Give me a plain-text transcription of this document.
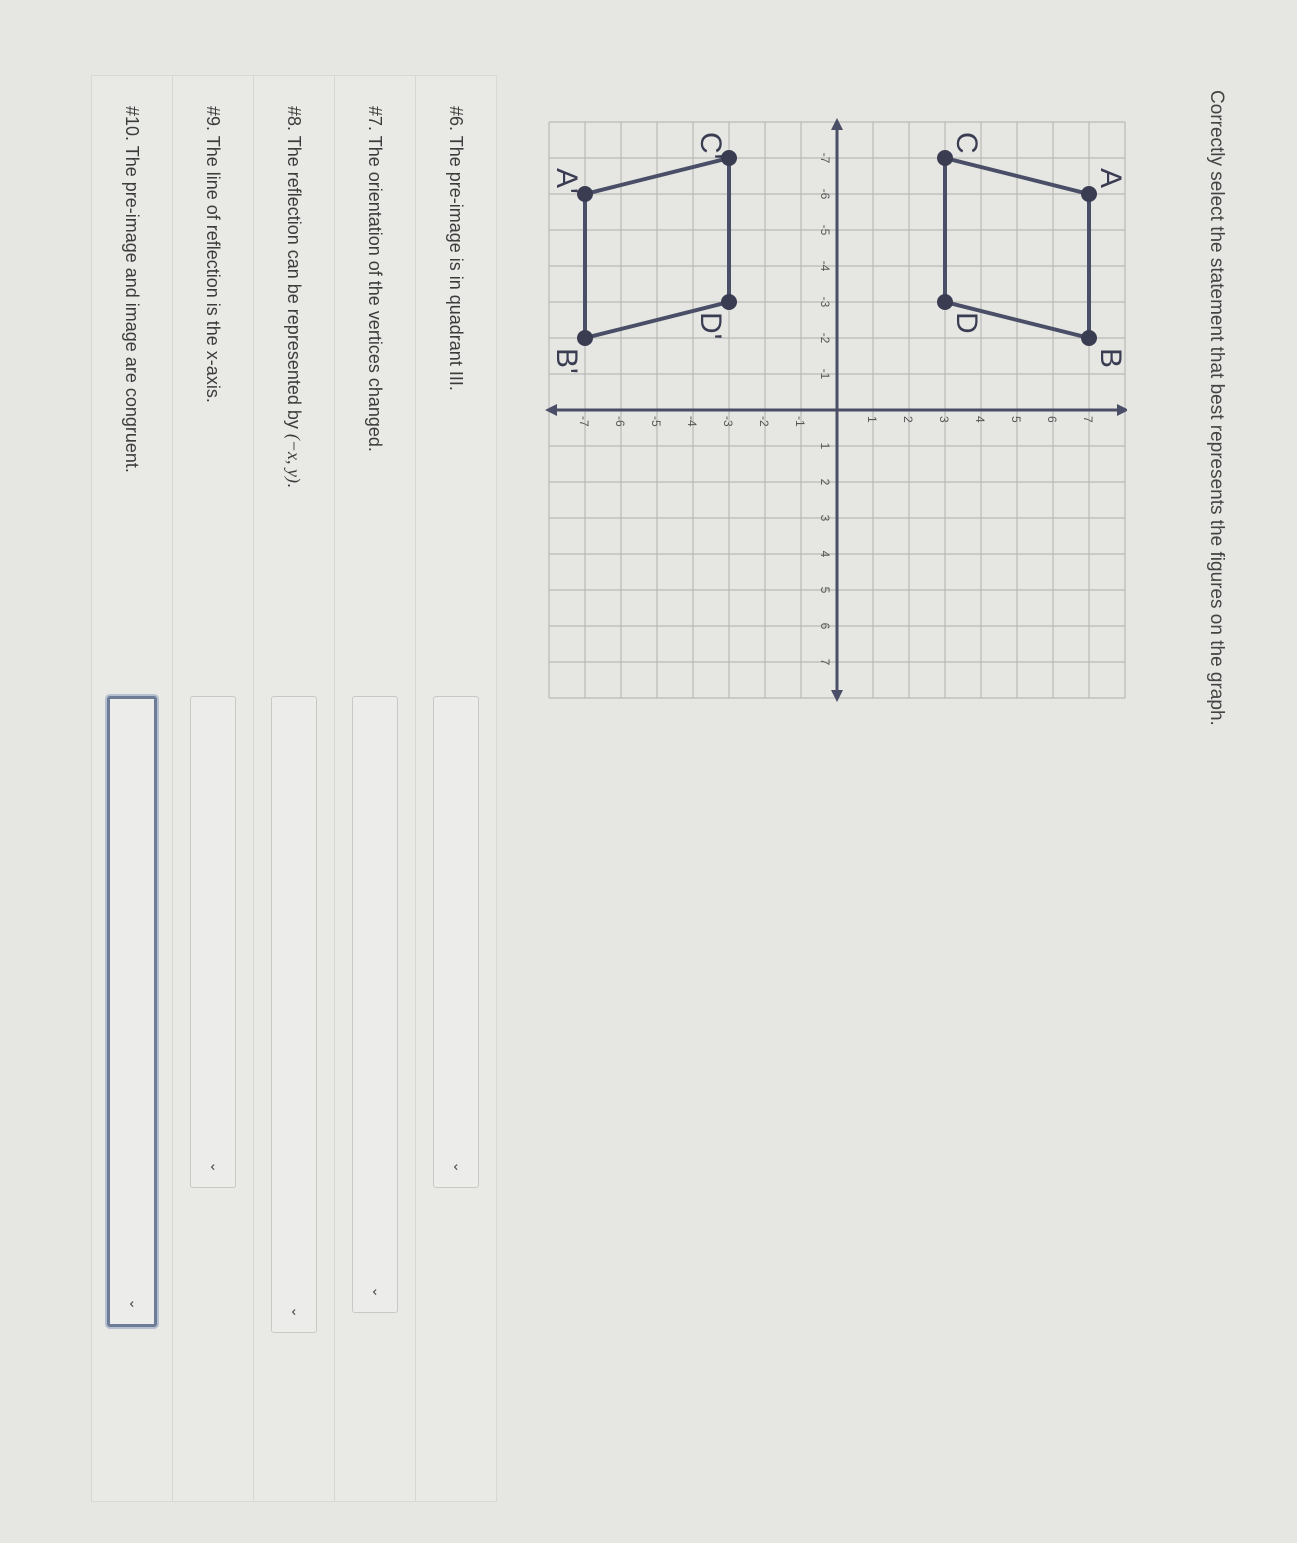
Correctly select the statement that best represents the figures on the graph.
-7
-6
-5
-4
-3
-2
-1
1
2
3
4
5
6
7
-7 -6 -5 -4 -3 -2 -1	1 2 3 4 5 6 7
A
B
D
C
A'
B'
D'
C'
#6. The pre-image is in quadrant III.
⌄
#7. The orientation of the vertices changed.
⌄
#8. The reflection can be represented by (−x, y).
⌄
#9. The line of reflection is the x-axis.
⌄
#10. The pre-image and image are congruent.
⌄
